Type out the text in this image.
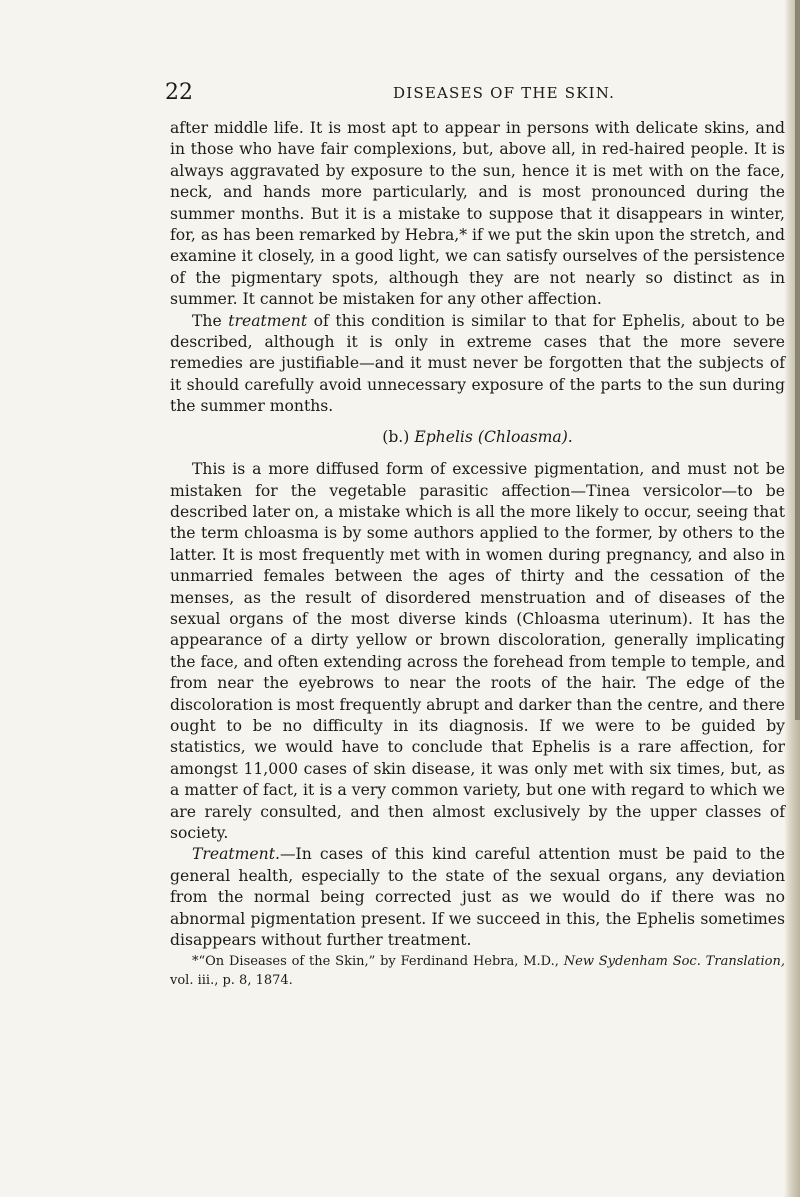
22	DISEASES OF THE SKIN.

after middle life. It is most apt to appear in persons with delicate skins, and in those who have fair complexions, but, above all, in red-haired people. It is always aggravated by exposure to the sun, hence it is met with on the face, neck, and hands more particularly, and is most pronounced during the summer months. But it is a mistake to suppose that it disappears in winter, for, as has been remarked by Hebra,* if we put the skin upon the stretch, and examine it closely, in a good light, we can satisfy ourselves of the persistence of the pigmentary spots, although they are not nearly so distinct as in summer. It cannot be mistaken for any other affection.

The treatment of this condition is similar to that for Ephelis, about to be described, although it is only in extreme cases that the more severe remedies are justifiable—and it must never be forgotten that the subjects of it should carefully avoid unnecessary exposure of the parts to the sun during the summer months.

(b.) Ephelis (Chloasma).

This is a more diffused form of excessive pigmentation, and must not be mistaken for the vegetable parasitic affection—Tinea versicolor—to be described later on, a mistake which is all the more likely to occur, seeing that the term chloasma is by some authors applied to the former, by others to the latter. It is most frequently met with in women during pregnancy, and also in unmarried females between the ages of thirty and the cessation of the menses, as the result of disordered menstruation and of diseases of the sexual organs of the most diverse kinds (Chloasma uterinum). It has the appearance of a dirty yellow or brown discoloration, generally implicating the face, and often extending across the forehead from temple to temple, and from near the eyebrows to near the roots of the hair. The edge of the discoloration is most frequently abrupt and darker than the centre, and there ought to be no difficulty in its diagnosis. If we were to be guided by statistics, we would have to conclude that Ephelis is a rare affection, for amongst 11,000 cases of skin disease, it was only met with six times, but, as a matter of fact, it is a very common variety, but one with regard to which we are rarely consulted, and then almost exclusively by the upper classes of society.

Treatment.—In cases of this kind careful attention must be paid to the general health, especially to the state of the sexual organs, any deviation from the normal being corrected just as we would do if there was no abnormal pigmentation present. If we succeed in this, the Ephelis sometimes disappears without further treatment.

*“On Diseases of the Skin,” by Ferdinand Hebra, M.D., New Sydenham Soc. Translation, vol. iii., p. 8, 1874.
